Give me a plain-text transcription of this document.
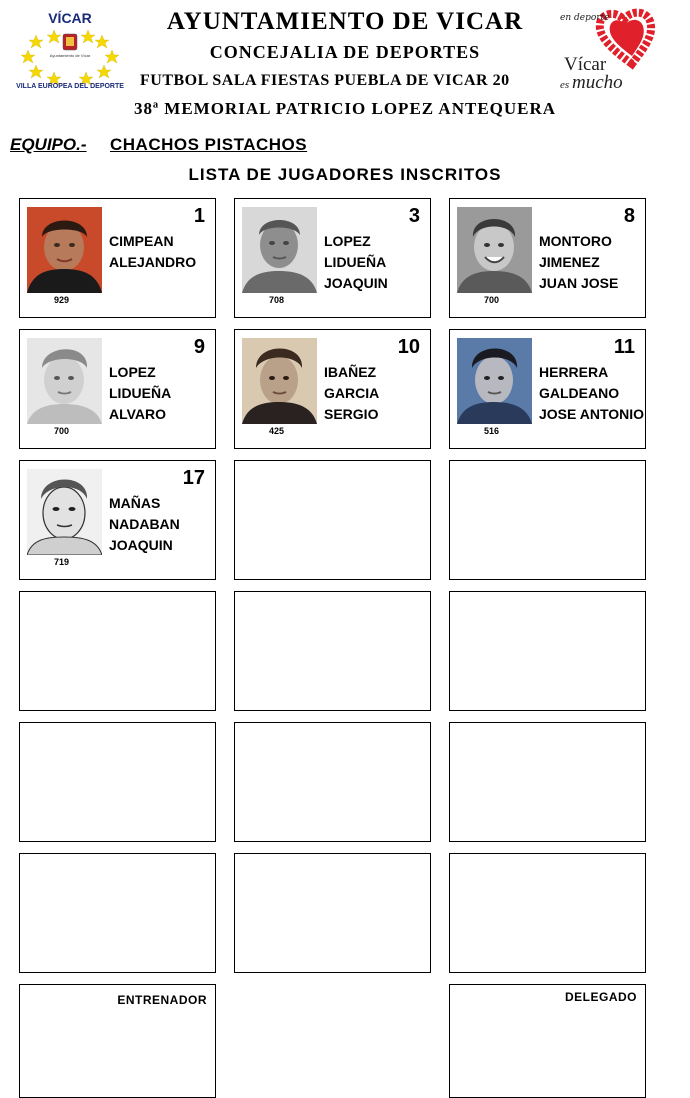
VÍCAR
Ayuntamiento de Vícar
VILLA EUROPEA DEL DEPORTE
en deporte
Vícar
es mucho
AYUNTAMIENTO DE VICAR
CONCEJALIA DE DEPORTES
FUTBOL SALA FIESTAS PUEBLA DE VICAR 20
38ª MEMORIAL PATRICIO LOPEZ ANTEQUERA
EQUIPO.- CHACHOS PISTACHOS
LISTA DE JUGADORES INSCRITOS
1
929
CIMPEAN
ALEJANDRO
3
708
LOPEZ
LIDUEÑA
JOAQUIN
8
700
MONTORO
JIMENEZ
JUAN JOSE
9
700
LOPEZ
LIDUEÑA
ALVARO
10
425
IBAÑEZ
GARCIA
SERGIO
11
516
HERRERA
GALDEANO
JOSE ANTONIO
17
719
MAÑAS
NADABAN
JOAQUIN
ENTRENADOR	DELEGADO
